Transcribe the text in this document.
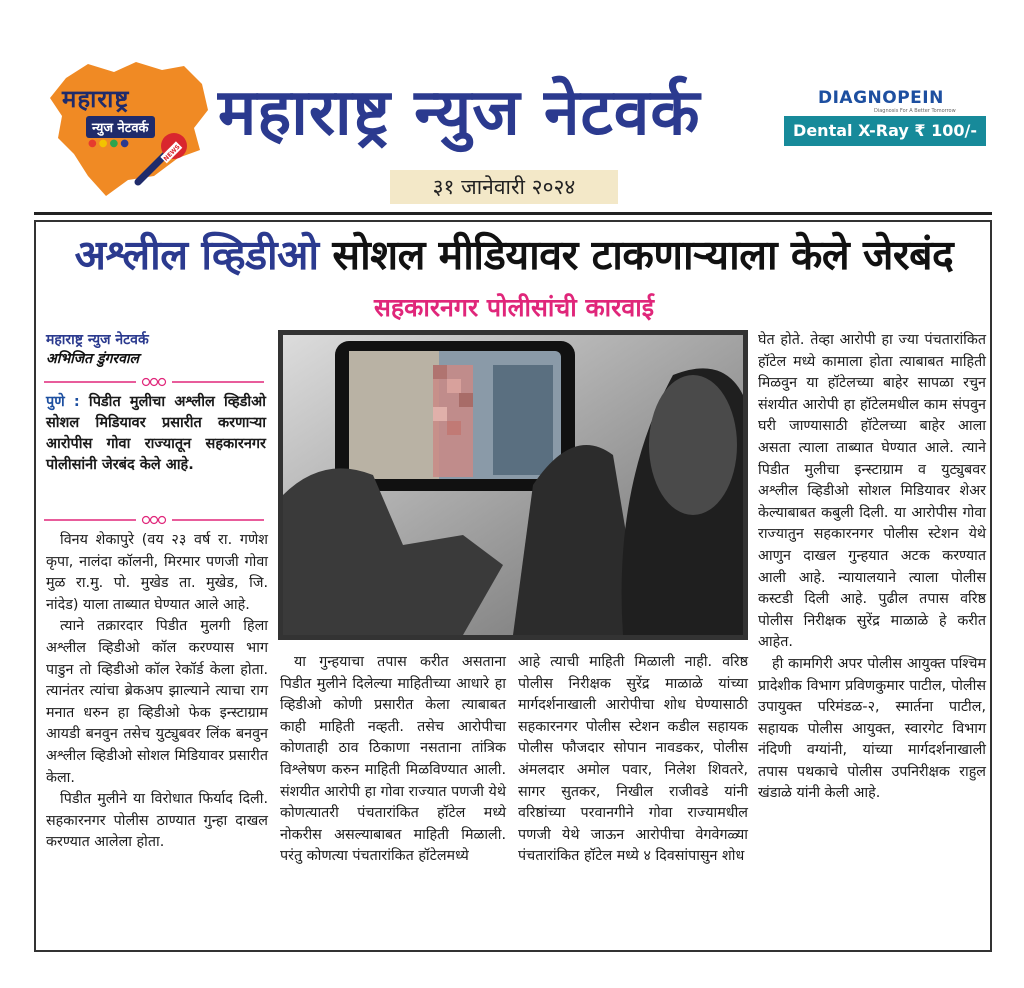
महाराष्ट्र
न्युज नेटवर्क
●●●●	NEWS
महाराष्ट्र न्युज नेटवर्क
३१ जानेवारी २०२४
DIAGNOPEIN
Diagnosis For A Better Tomorrow
Dental X-Ray ₹ 100/-
अश्लील व्हिडीओ सोशल मीडियावर टाकणाऱ्याला केले जेरबंद
सहकारनगर पोलीसांची कारवाई
महाराष्ट्र न्युज नेटवर्क
अभिजित डुंगरवाल
पुणे : पिडीत मुलीचा अश्लील व्हिडीओ सोशल मिडियावर प्रसारीत करणाऱ्या आरोपीस गोवा राज्यातून सहकारनगर पोलीसांनी जेरबंद केले आहे.

विनय शेकापुरे (वय २३ वर्ष रा. गणेश कृपा, नालंदा कॉलनी, मिरमार पणजी गोवा मुळ रा.मु. पो. मुखेड ता. मुखेड, जि. नांदेड) याला ताब्यात घेण्यात आले आहे.

त्याने तक्रारदार पिडीत मुलगी हिला अश्लील व्हिडीओ कॉल करण्यास भाग पाडुन तो व्हिडीओ कॉल रेकॉर्ड केला होता. त्यानंतर त्यांचा ब्रेकअप झाल्याने त्याचा राग मनात धरुन हा व्हिडीओ फेक इन्स्टाग्राम आयडी बनवुन तसेच युट्युबवर लिंक बनवुन अश्लील व्हिडीओ सोशल मिडियावर प्रसारीत केला.

पिडीत मुलीने या विरोधात फिर्याद दिली. सहकारनगर पोलीस ठाण्यात गुन्हा दाखल करण्यात आलेला होता.

या गुन्हयाचा तपास करीत असताना पिडीत मुलीने दिलेल्या माहितीच्या आधारे हा व्हिडीओ कोणी प्रसारीत केला त्याबाबत काही माहिती नव्हती. तसेच आरोपीचा कोणताही ठाव ठिकाणा नसताना तांत्रिक विश्लेषण करुन माहिती मिळविण्यात आली. संशयीत आरोपी हा गोवा राज्यात पणजी येथे कोणत्यातरी पंचतारांकित हॉटेल मध्ये नोकरीस असल्याबाबत माहिती मिळाली. परंतु कोणत्या पंचतारांकित हॉटेलमध्ये

आहे त्याची माहिती मिळाली नाही. वरिष्ठ पोलीस निरीक्षक सुरेंद्र माळाळे यांच्या मार्गदर्शनाखाली आरोपीचा शोध घेण्यासाठी सहकारनगर पोलीस स्टेशन कडील सहायक पोलीस फौजदार सोपान नावडकर, पोलीस अंमलदार अमोल पवार, निलेश शिवतरे, सागर सुतकर, निखील राजीवडे यांनी वरिष्ठांच्या परवानगीने गोवा राज्यामधील पणजी येथे जाऊन आरोपीचा वेगवेगळ्या पंचतारांकित हॉटेल मध्ये ४ दिवसांपासुन शोध

घेत होते. तेव्हा आरोपी हा ज्या पंचतारांकित हॉटेल मध्ये कामाला होता त्याबाबत माहिती मिळवुन या हॉटेलच्या बाहेर सापळा रचुन संशयीत आरोपी हा हॉटेलमधील काम संपवुन घरी जाण्यासाठी हॉटेलच्या बाहेर आला असता त्याला ताब्यात घेण्यात आले. त्याने पिडीत मुलीचा इन्स्टाग्राम व युट्युबवर अश्लील व्हिडीओ सोशल मिडियावर शेअर केल्याबाबत कबुली दिली. या आरोपीस गोवा राज्यातुन सहकारनगर पोलीस स्टेशन येथे आणुन दाखल गुन्हयात अटक करण्यात आली आहे. न्यायालयाने त्याला पोलीस कस्टडी दिली आहे. पुढील तपास वरिष्ठ पोलीस निरीक्षक सुरेंद्र माळाळे हे करीत आहेत.

ही कामगिरी अपर पोलीस आयुक्त पश्चिम प्रादेशीक विभाग प्रविणकुमार पाटील, पोलीस उपायुक्त परिमंडळ-२, स्मार्तना पाटील, सहायक पोलीस आयुक्त, स्वारगेट विभाग नंदिणी वग्यांनी, यांच्या मार्गदर्शनाखाली तपास पथकाचे पोलीस उपनिरीक्षक राहुल खंडाळे यांनी केली आहे.
